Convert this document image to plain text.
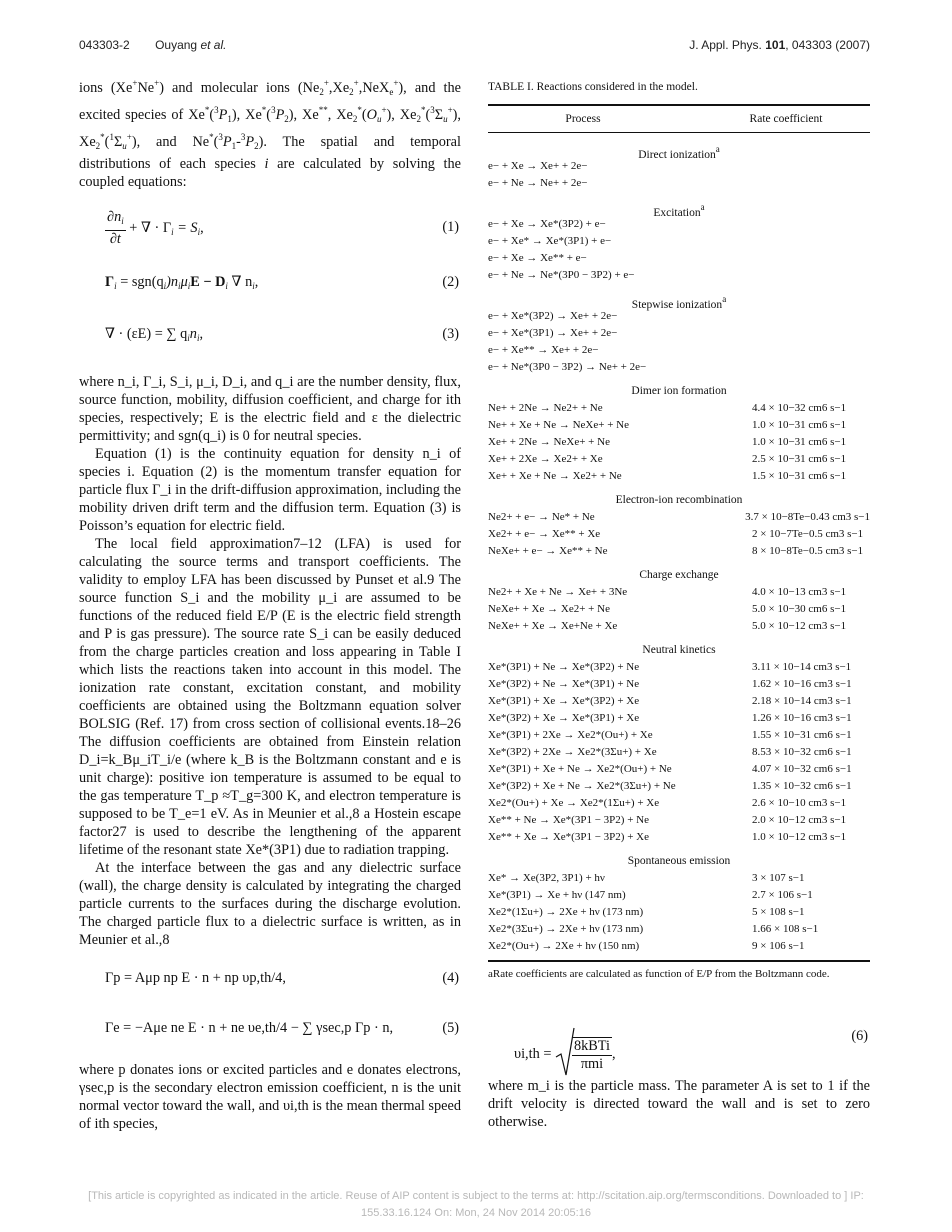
043303-2 Ouyang et al.	J. Appl. Phys. 101, 043303 (2007)

ions (Xe+Ne+) and molecular ions $(Ne_2^+,Xe_2^+,NeX_e^+)$, and the excited species of $Xe^*(^3P_1)$, $Xe^*(^3P_2)$, Xe**, $Xe_2^*(O_u^+)$, $Xe_2^*(^3\Sigma_u^+)$, $Xe_2^*(^1\Sigma_u^+)$, and $Ne^*(^3P_1-^3P_2)$. The spatial and temporal distributions of each species i are calculated by solving the coupled equations:

$\frac{\partial n_i}{\partial t}$ + ∇ · $\Gamma_i = S_i$,	(1)
$\Gamma_i = sgn(q_i)n_i\mu_iE - D_i$ ∇ $n_i$,	(2)
∇ · (εE) = ∑ $q_in_i$,	(3)

where n_i, Γ_i, S_i, μ_i, D_i, and q_i are the number density, flux, source function, mobility, diffusion coefficient, and charge for ith species, respectively; E is the electric field and ε the dielectric permittivity; and sgn(q_i) is 0 for neutral species.

Equation (1) is the continuity equation for density n_i of species i. Equation (2) is the momentum transfer equation for particle flux Γ_i in the drift-diffusion approximation, including the mobility driven drift term and the diffusion term. Equation (3) is Poisson’s equation for electric field.

The local field approximation7–12 (LFA) is used for calculating the source terms and transport coefficients. The validity to employ LFA has been discussed by Punset et al.9 The source function S_i and the mobility μ_i are assumed to be functions of the reduced field E/P (E is the electric field strength and P is gas pressure). The source rate S_i can be easily deduced from the charge particles creation and loss appearing in Table I which lists the reactions taken into account in this model. The ionization rate constant, excitation constant, and mobility coefficients are obtained using the Boltzmann equation solver BOLSIG (Ref. 17) from cross section of collisional events.18–26 The diffusion coefficients are obtained from Einstein relation D_i=k_Bμ_iT_i/e (where k_B is the Boltzmann constant and e is unit charge): positive ion temperature is assumed to be equal to the gas temperature T_p ≈T_g=300 K, and electron temperature is supposed to be T_e=1 eV. As in Meunier et al.,8 a Hostein escape factor27 is used to describe the lengthening of the apparent lifetime of the resonant state Xe*(3P1) due to radiation trapping.

At the interface between the gas and any dielectric surface (wall), the charge density is calculated by integrating the charged particle currents to the surfaces during the discharge evolution. The charged particle flux to a dielectric surface is written, as in Meunier et al.,8

Γp = Aμp np E · n + np υp,th/4,	(4)
Γe = −Aμe ne E · n + ne υe,th/4 − ∑ γsec,p Γp · n,	(5)

where p donates ions or excited particles and e donates electrons, γsec,p is the secondary electron emission coefficient, n is the unit normal vector toward the wall, and υi,th is the mean thermal speed of ith species,

TABLE I. Reactions considered in the model.
Process	Rate coefficient
Direct ionization$^a$
e− + Xe → Xe+ + 2e−
e− + Ne → Ne+ + 2e−
Excitation$^a$
e− + Xe → Xe*(3P2) + e−
e− + Xe* → Xe*(3P1) + e−
e− + Xe → Xe** + e−
e− + Ne → Ne*(3P0 − 3P2) + e−
Stepwise ionization$^a$
e− + Xe*(3P2) → Xe+ + 2e−
e− + Xe*(3P1) → Xe+ + 2e−
e− + Xe** → Xe+ + 2e−
e− + Ne*(3P0 − 3P2) → Ne+ + 2e−
Dimer ion formation
Ne+ + 2Ne → Ne2+ + Ne	4.4 × 10−32 cm6 s−1
Ne+ + Xe + Ne → NeXe+ + Ne	1.0 × 10−31 cm6 s−1
Xe+ + 2Ne → NeXe+ + Ne	1.0 × 10−31 cm6 s−1
Xe+ + 2Xe → Xe2+ + Xe	2.5 × 10−31 cm6 s−1
Xe+ + Xe + Ne → Xe2+ + Ne	1.5 × 10−31 cm6 s−1
Electron-ion recombination
Ne2+ + e− → Ne* + Ne	3.7 × 10−8Te−0.43 cm3 s−1
Xe2+ + e− → Xe** + Xe	2 × 10−7Te−0.5 cm3 s−1
NeXe+ + e− → Xe** + Ne	8 × 10−8Te−0.5 cm3 s−1
Charge exchange
Ne2+ + Xe + Ne → Xe+ + 3Ne	4.0 × 10−13 cm3 s−1
NeXe+ + Xe → Xe2+ + Ne	5.0 × 10−30 cm6 s−1
NeXe+ + Xe → Xe+Ne + Xe	5.0 × 10−12 cm3 s−1
Neutral kinetics
Xe*(3P1) + Ne → Xe*(3P2) + Ne	3.11 × 10−14 cm3 s−1
Xe*(3P2) + Ne → Xe*(3P1) + Ne	1.62 × 10−16 cm3 s−1
Xe*(3P1) + Xe → Xe*(3P2) + Xe	2.18 × 10−14 cm3 s−1
Xe*(3P2) + Xe → Xe*(3P1) + Xe	1.26 × 10−16 cm3 s−1
Xe*(3P1) + 2Xe → Xe2*(Ou+) + Xe	1.55 × 10−31 cm6 s−1
Xe*(3P2) + 2Xe → Xe2*(3Σu+) + Xe	8.53 × 10−32 cm6 s−1
Xe*(3P1) + Xe + Ne → Xe2*(Ou+) + Ne	4.07 × 10−32 cm6 s−1
Xe*(3P2) + Xe + Ne → Xe2*(3Σu+) + Ne	1.35 × 10−32 cm6 s−1
Xe2*(Ou+) + Xe → Xe2*(1Σu+) + Xe	2.6 × 10−10 cm3 s−1
Xe** + Ne → Xe*(3P1 − 3P2) + Ne	2.0 × 10−12 cm3 s−1
Xe** + Xe → Xe*(3P1 − 3P2) + Xe	1.0 × 10−12 cm3 s−1
Spontaneous emission
Xe* → Xe(3P2, 3P1) + hν	3 × 107 s−1
Xe*(3P1) → Xe + hν (147 nm)	2.7 × 106 s−1
Xe2*(1Σu+) → 2Xe + hν (173 nm)	5 × 108 s−1
Xe2*(3Σu+) → 2Xe + hν (173 nm)	1.66 × 108 s−1
Xe2*(Ou+) → 2Xe + hν (150 nm)	9 × 106 s−1
aRate coefficients are calculated as function of E/P from the Boltzmann code.
$\upsilon i,th = \frac{\text{8kBTi}}{\text{πmi}}$ ,
(6)

where m_i is the particle mass. The parameter A is set to 1 if the drift velocity is directed toward the wall and is set to zero otherwise.

[This article is copyrighted as indicated in the article. Reuse of AIP content is subject to the terms at: http://scitation.aip.org/termsconditions. Downloaded to ] IP:
155.33.16.124 On: Mon, 24 Nov 2014 20:05:16
